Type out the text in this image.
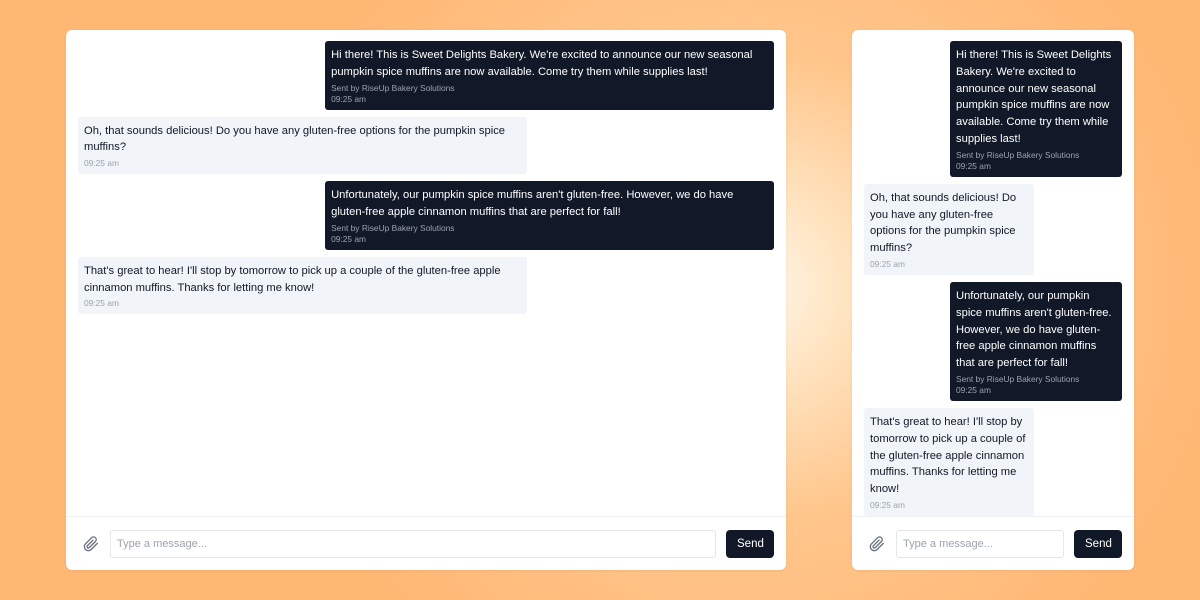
Hi there! This is Sweet Delights Bakery. We're excited to announce our new seasonal pumpkin spice muffins are now available. Come try them while supplies last!
Sent by RiseUp Bakery Solutions
09:25 am
Oh, that sounds delicious! Do you have any gluten-free options for the pumpkin spice muffins?
09:25 am
Unfortunately, our pumpkin spice muffins aren't gluten-free. However, we do have gluten-free apple cinnamon muffins that are perfect for fall!
Sent by RiseUp Bakery Solutions
09:25 am
That's great to hear! I'll stop by tomorrow to pick up a couple of the gluten-free apple cinnamon muffins. Thanks for letting me know!
09:25 am
Type a message...
Send
Hi there! This is Sweet Delights Bakery. We're excited to announce our new seasonal pumpkin spice muffins are now available. Come try them while supplies last!
Sent by RiseUp Bakery Solutions
09:25 am
Oh, that sounds delicious! Do you have any gluten-free options for the pumpkin spice muffins?
09:25 am
Unfortunately, our pumpkin spice muffins aren't gluten-free. However, we do have gluten-free apple cinnamon muffins that are perfect for fall!
Sent by RiseUp Bakery Solutions
09:25 am
That's great to hear! I'll stop by tomorrow to pick up a couple of the gluten-free apple cinnamon muffins. Thanks for letting me know!
09:25 am
Type a message...
Send
